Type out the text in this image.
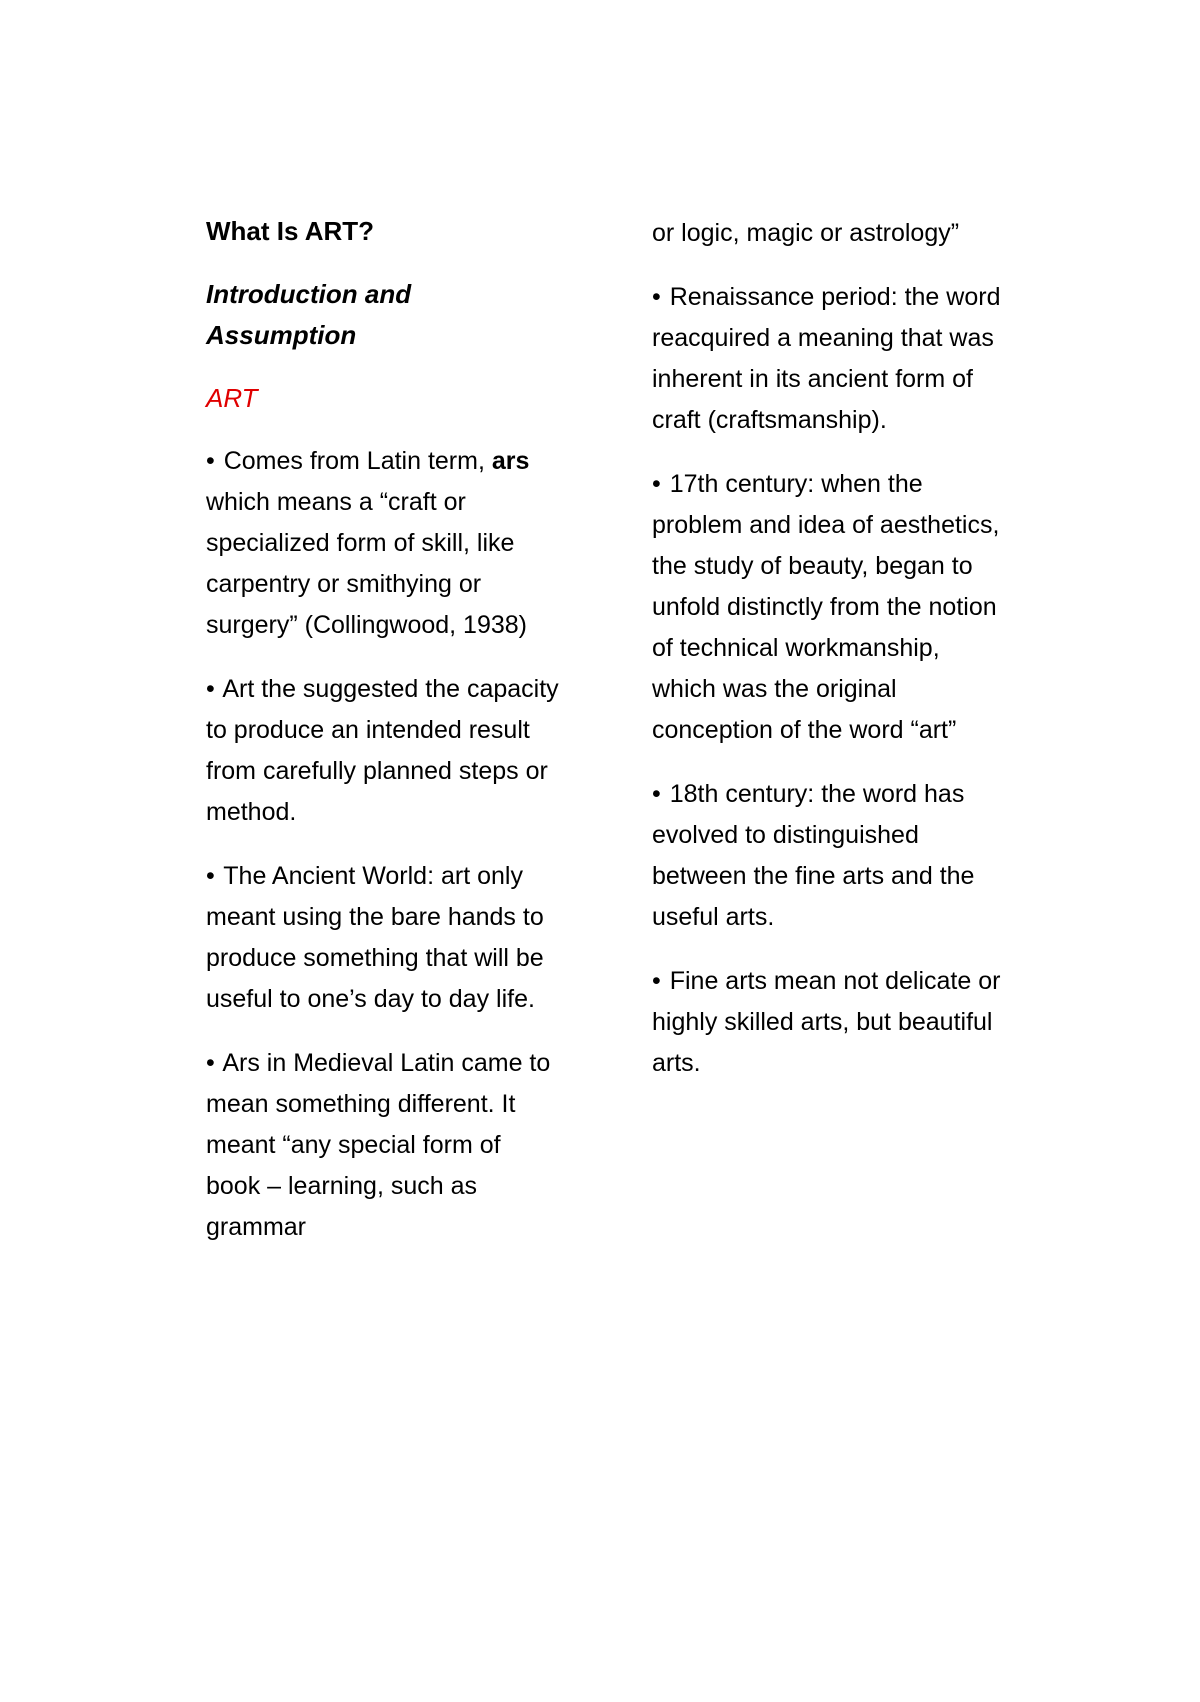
What Is ART?

Introduction and Assumption

ART

• Comes from Latin term, ars which means a “craft or specialized form of skill, like carpentry or smithying or surgery” (Collingwood, 1938)

• Art the suggested the capacity to produce an intended result from carefully planned steps or method.

• The Ancient World: art only meant using the bare hands to produce something that will be useful to one’s day to day life.

• Ars in Medieval Latin came to mean something different. It meant “any special form of book – learning, such as grammar

or logic, magic or astrology”

• Renaissance period: the word reacquired a meaning that was inherent in its ancient form of craft (craftsmanship).

• 17th century: when the problem and idea of aesthetics, the study of beauty, began to unfold distinctly from the notion of technical workmanship, which was the original conception of the word “art”

• 18th century: the word has evolved to distinguished between the fine arts and the useful arts.

• Fine arts mean not delicate or highly skilled arts, but beautiful arts.
